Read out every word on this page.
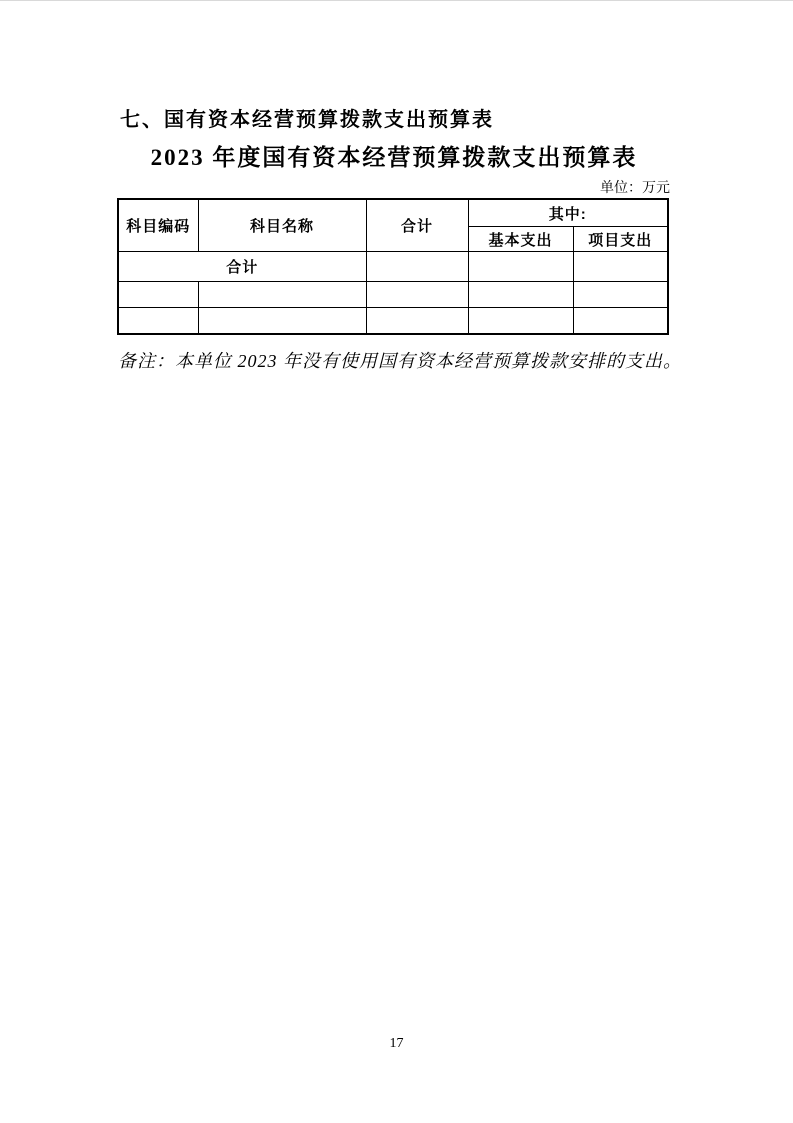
七、国有资本经营预算拨款支出预算表
2023 年度国有资本经营预算拨款支出预算表
单位：万元
科目编码	科目名称	合计	其中:	
			基本支出	项目支出
合计				

备注：本单位 2023 年没有使用国有资本经营预算拨款安排的支出。
17
